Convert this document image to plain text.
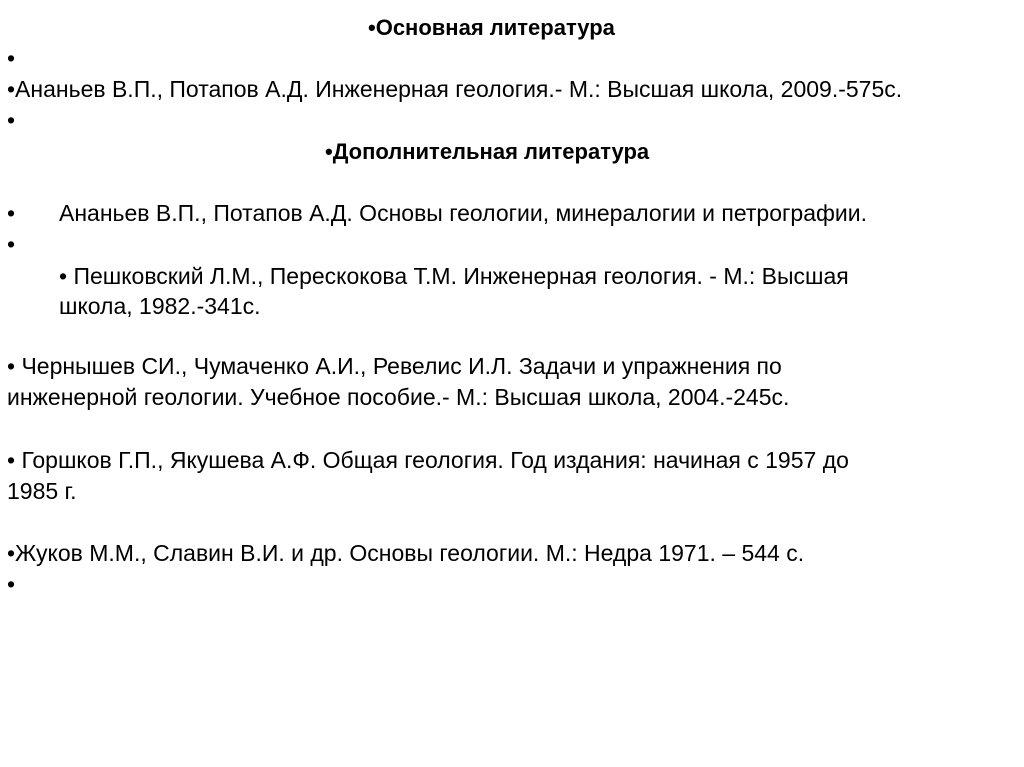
•Основная литература
•
•Ананьев В.П., Потапов А.Д. Инженерная геология.- М.: Высшая школа, 2009.-575с.
•
•Дополнительная литература
• Ананьев В.П., Потапов А.Д. Основы геологии, минералогии и петрографии.
•
• Пешковский Л.М., Перескокова Т.М. Инженерная геология. - М.: Высшая
школа, 1982.-341с.
• Чернышев СИ., Чумаченко А.И., Ревелис И.Л. Задачи и упражнения по
инженерной геологии. Учебное пособие.- М.: Высшая школа, 2004.-245с.
• Горшков Г.П., Якушева А.Ф. Общая геология. Год издания: начиная с 1957 до
1985 г.
•Жуков М.М., Славин В.И. и др. Основы геологии. М.: Недра 1971. – 544 с.
•
